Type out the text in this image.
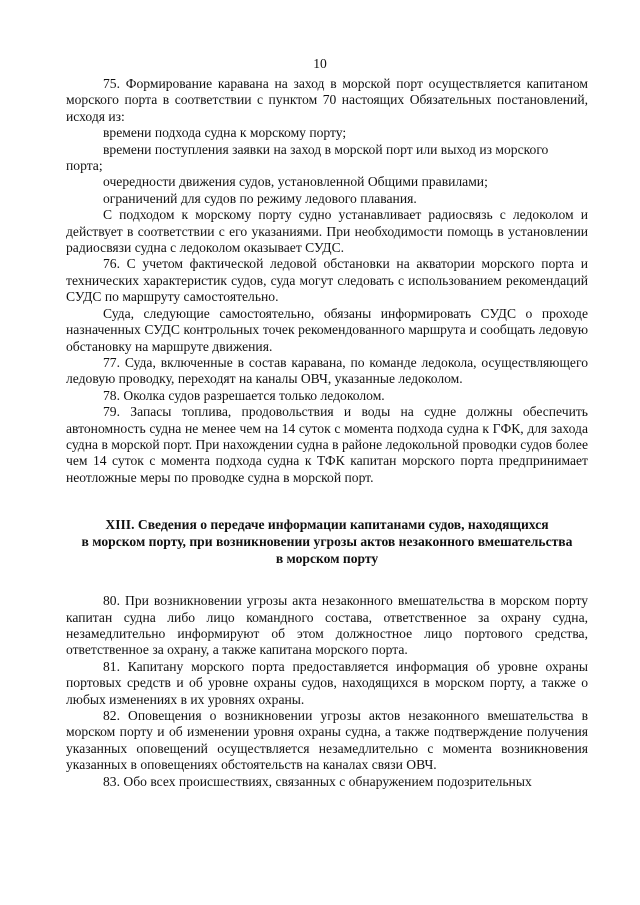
10

75. Формирование каравана на заход в морской порт осуществляется капитаном морского порта в соответствии с пунктом 70 настоящих Обязательных постановлений, исходя из:

времени подхода судна к морскому порту;

времени поступления заявки на заход в морской порт или выход из морского порта;

очередности движения судов, установленной Общими правилами;

ограничений для судов по режиму ледового плавания.

С подходом к морскому порту судно устанавливает радиосвязь с ледоколом и действует в соответствии с его указаниями. При необходимости помощь в установлении радиосвязи судна с ледоколом оказывает СУДС.

76. С учетом фактической ледовой обстановки на акватории морского порта и технических характеристик судов, суда могут следовать с использованием рекомендаций СУДС по маршруту самостоятельно.

Суда, следующие самостоятельно, обязаны информировать СУДС о проходе назначенных СУДС контрольных точек рекомендованного маршрута и сообщать ледовую обстановку на маршруте движения.

77. Суда, включенные в состав каравана, по команде ледокола, осуществляющего ледовую проводку, переходят на каналы ОВЧ, указанные ледоколом.

78. Околка судов разрешается только ледоколом.

79. Запасы топлива, продовольствия и воды на судне должны обеспечить автономность судна не менее чем на 14 суток с момента подхода судна к ГФК, для захода судна в морской порт. При нахождении судна в районе ледокольной проводки судов более чем 14 суток с момента подхода судна к ТФК капитан морского порта предпринимает неотложные меры по проводке судна в морской порт.

XIII. Сведения о передаче информации капитанами судов, находящихся
в морском порту, при возникновении угрозы актов незаконного вмешательства
в морском порту

80. При возникновении угрозы акта незаконного вмешательства в морском порту капитан судна либо лицо командного состава, ответственное за охрану судна, незамедлительно информируют об этом должностное лицо портового средства, ответственное за охрану, а также капитана морского порта.

81. Капитану морского порта предоставляется информация об уровне охраны портовых средств и об уровне охраны судов, находящихся в морском порту, а также о любых изменениях в их уровнях охраны.

82. Оповещения о возникновении угрозы актов незаконного вмешательства в морском порту и об изменении уровня охраны судна, а также подтверждение получения указанных оповещений осуществляется незамедлительно с момента возникновения указанных в оповещениях обстоятельств на каналах связи ОВЧ.

83. Обо всех происшествиях, связанных с обнаружением подозрительных
